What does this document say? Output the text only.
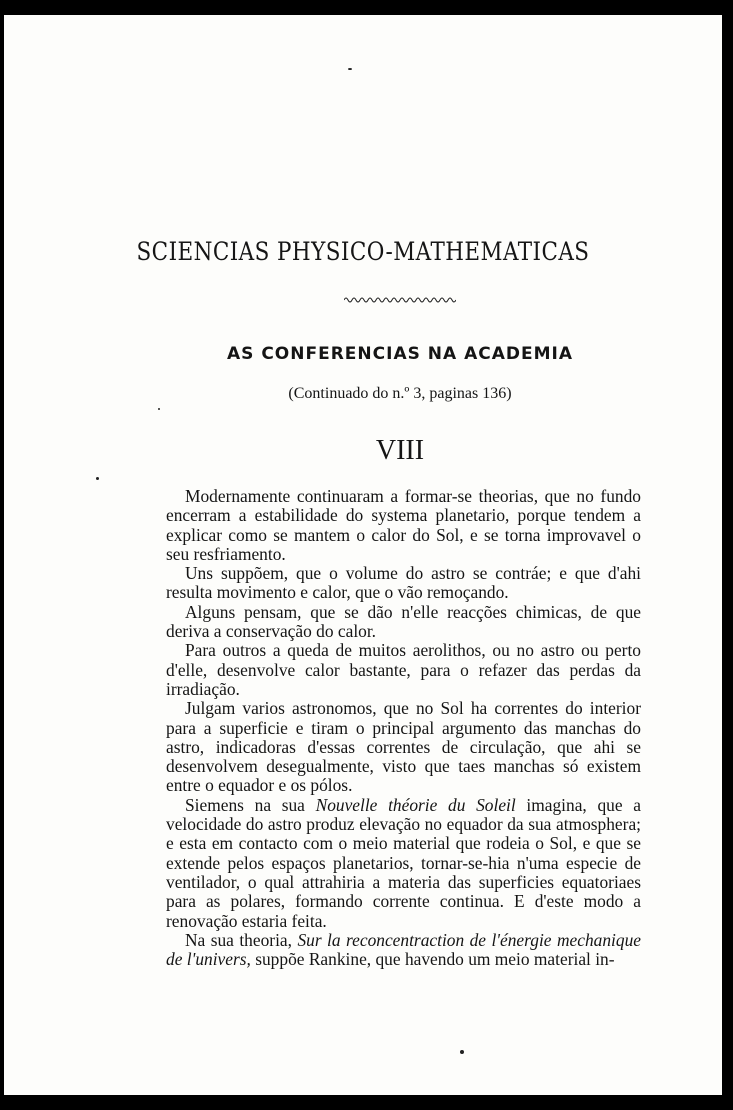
SCIENCIAS PHYSICO-MATHEMATICAS
AS CONFERENCIAS NA ACADEMIA
(Continuado do n.º 3, paginas 136)
VIII

Modernamente continuaram a formar-se theorias, que no fundo encerram a estabilidade do systema planetario, porque tendem a explicar como se mantem o calor do Sol, e se torna improvavel o seu resfriamento.

Uns suppõem, que o volume do astro se contráe; e que d'ahi resulta movimento e calor, que o vão remoçando.

Alguns pensam, que se dão n'elle reacções chimicas, de que deriva a conservação do calor.

Para outros a queda de muitos aerolithos, ou no astro ou perto d'elle, desenvolve calor bastante, para o refazer das perdas da irradiação.

Julgam varios astronomos, que no Sol ha correntes do interior para a superficie e tiram o principal argumento das manchas do astro, indicadoras d'essas correntes de circulação, que ahi se desenvolvem desegualmente, visto que taes manchas só existem entre o equador e os pólos.

Siemens na sua Nouvelle théorie du Soleil imagina, que a velocidade do astro produz elevação no equador da sua atmosphera; e esta em contacto com o meio material que rodeia o Sol, e que se extende pelos espaços planetarios, tornar-se-hia n'uma especie de ventilador, o qual attrahiria a materia das superficies equatoriaes para as polares, formando corrente continua. E d'este modo a renovação estaria feita.

Na sua theoria, Sur la reconcentraction de l'énergie mechanique de l'univers, suppõe Rankine, que havendo um meio material in-
